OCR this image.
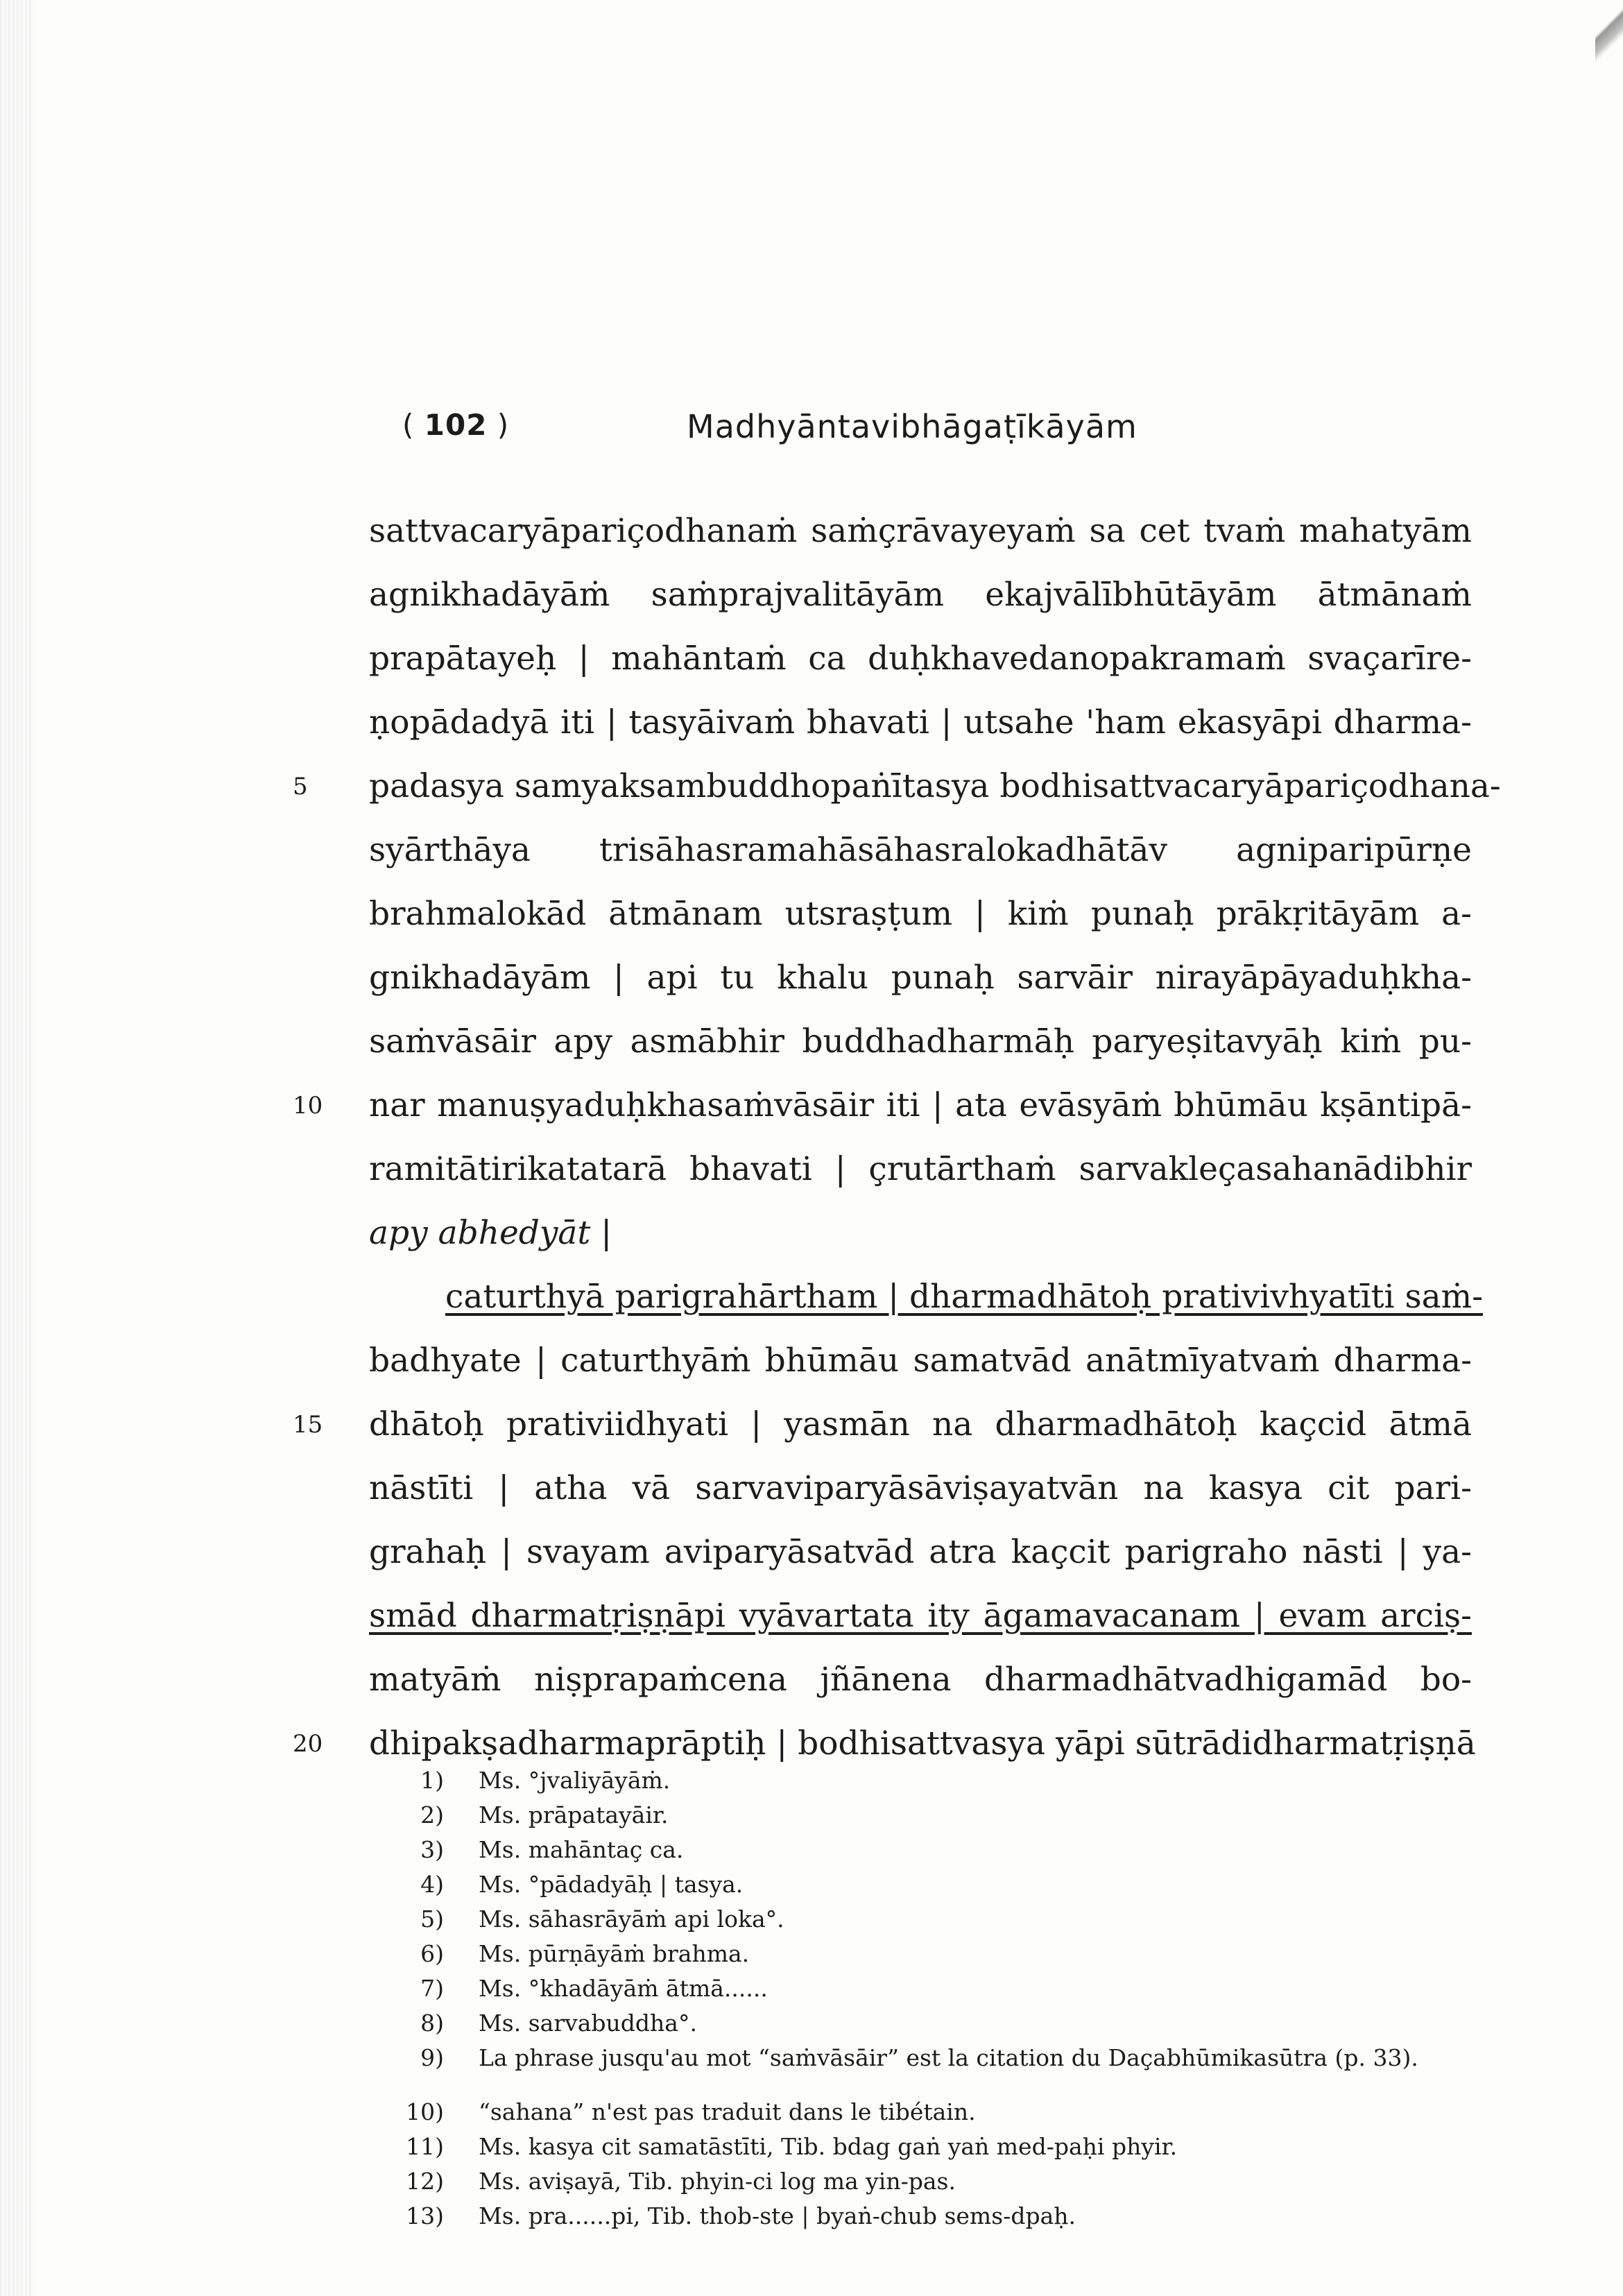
( 102 )	Madhyāntavibhāgaṭīkāyām
sattvacaryāpariçodhanaṁ saṁçrāvayeyaṁ sa cet tvaṁ mahatyām
agnikhadāyāṁ saṁprajvalitāyām ekajvālībhūtāyām ātmānaṁ
prapātayeḥ | mahāntaṁ ca duḥkhavedanopakramaṁ svaçarīre-
ṇopādadyā iti | tasyāivaṁ bhavati | utsahe 'ham ekasyāpi dharma-
5	padasya samyaksambuddhopaṅītasya bodhisattvacaryāpariçodhana-
syārthāya trisāhasramahāsāhasralokadhātāv agniparipūrṇe
brahmalokād ātmānam utsraṣṭum | kiṁ punaḥ prākṛitāyām a-
gnikhadāyām | api tu khalu punaḥ sarvāir nirayāpāyaduḥkha-
saṁvāsāir apy asmābhir buddhadharmāḥ paryeṣitavyāḥ kiṁ pu-
10	nar manuṣyaduḥkhasaṁvāsāir iti | ata evāsyāṁ bhūmāu kṣāntipā-
ramitātirikatatarā bhavati | çrutārthaṁ sarvakleçasahanādibhir
apy abhedyāt |
caturthyā parigrahārtham | dharmadhātoḥ prativivhyatīti saṁ-
badhyate | caturthyāṁ bhūmāu samatvād anātmīyatvaṁ dharma-
15	dhātoḥ prativiidhyati | yasmān na dharmadhātoḥ kaçcid ātmā
nāstīti | atha vā sarvaviparyāsāviṣayatvān na kasya cit pari-
grahaḥ | svayam aviparyāsatvād atra kaçcit parigraho nāsti | ya-
smād dharmatṛiṣṇāpi vyāvartata ity āgamavacanam | evam arciṣ-
matyāṁ niṣprapaṁcena jñānena dharmadhātvadhigamād bo-
20	dhipakṣadharmaprāptiḥ | bodhisattvasya yāpi sūtrādidharmatṛiṣṇā
1) Ms. °jvaliyāyāṁ.
2) Ms. prāpatayāir.
3) Ms. mahāntaç ca.
4) Ms. °pādadyāḥ | tasya.
5) Ms. sāhasrāyāṁ api loka°.
6) Ms. pūrṇāyāṁ brahma.
7) Ms. °khadāyāṁ ātmā......
8) Ms. sarvabuddha°.
9) La phrase jusqu'au mot “saṁvāsāir” est la citation du Daçabhūmikasūtra (p. 33).
10) “sahana” n'est pas traduit dans le tibétain.
11) Ms. kasya cit samatāstīti, Tib. bdag gaṅ yaṅ med-paḥi phyir.
12) Ms. aviṣayā, Tib. phyin-ci log ma yin-pas.
13) Ms. pra......pi, Tib. thob-ste | byaṅ-chub sems-dpaḥ.
